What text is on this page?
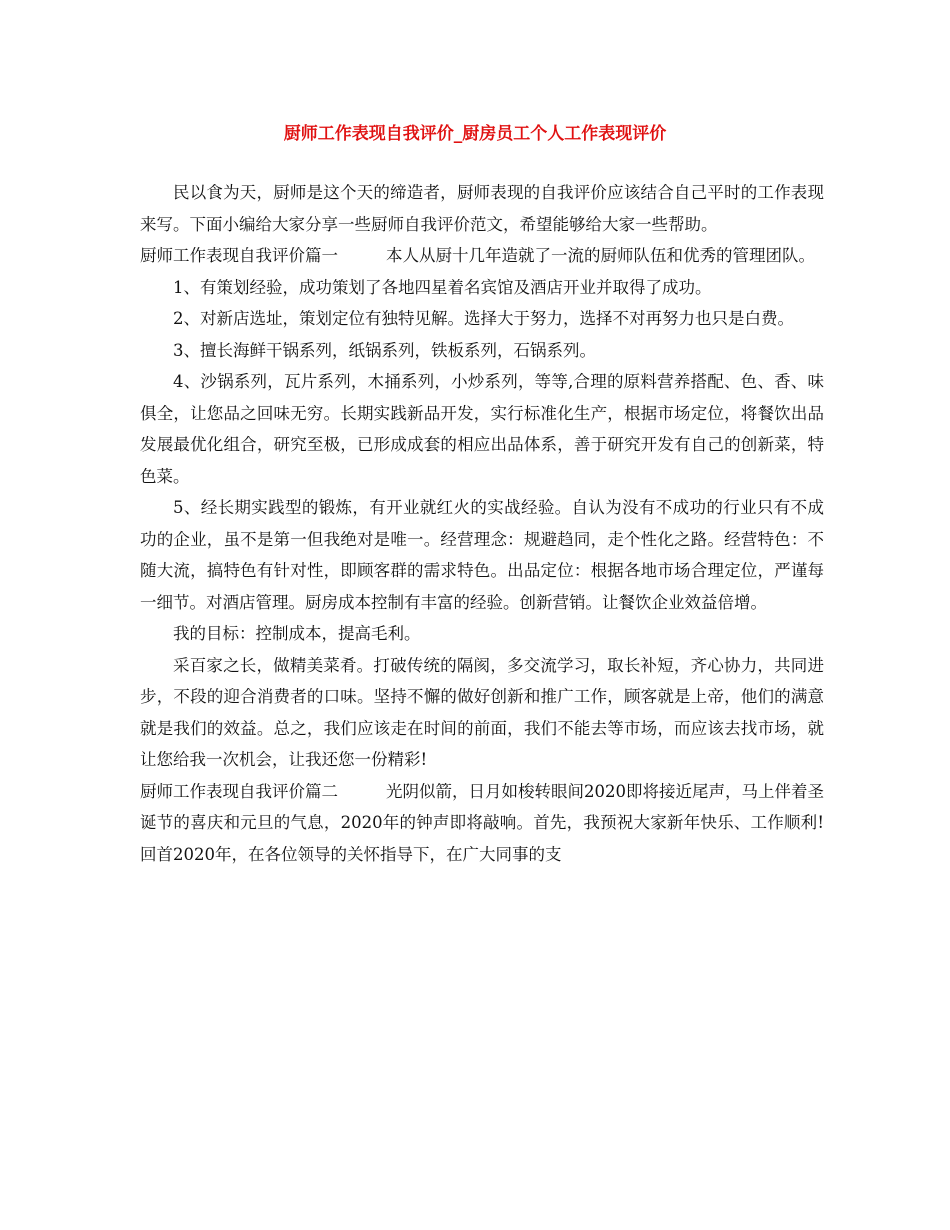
厨师工作表现自我评价_厨房员工个人工作表现评价

民以食为天，厨师是这个天的缔造者，厨师表现的自我评价应该结合自己平时的工作表现来写。下面小编给大家分享一些厨师自我评价范文，希望能够给大家一些帮助。

厨师工作表现自我评价篇一	本人从厨十几年造就了一流的厨师队伍和优秀的管理团队。

1、有策划经验，成功策划了各地四星着名宾馆及酒店开业并取得了成功。

2、对新店选址，策划定位有独特见解。选择大于努力，选择不对再努力也只是白费。

3、擅长海鲜干锅系列，纸锅系列，铁板系列，石锅系列。

4、沙锅系列，瓦片系列，木捅系列，小炒系列，等等,合理的原料营养搭配、色、香、味俱全，让您品之回味无穷。长期实践新品开发，实行标准化生产，根据市场定位，将餐饮出品发展最优化组合，研究至极，已形成成套的相应出品体系，善于研究开发有自己的创新菜，特色菜。

5、经长期实践型的锻炼，有开业就红火的实战经验。自认为没有不成功的行业只有不成功的企业，虽不是第一但我绝对是唯一。经营理念：规避趋同，走个性化之路。经营特色：不随大流，搞特色有针对性，即顾客群的需求特色。出品定位：根据各地市场合理定位，严谨每一细节。对酒店管理。厨房成本控制有丰富的经验。创新营销。让餐饮企业效益倍增。

我的目标：控制成本，提高毛利。

采百家之长，做精美菜肴。打破传统的隔阂，多交流学习，取长补短，齐心协力，共同进步，不段的迎合消费者的口味。坚持不懈的做好创新和推广工作，顾客就是上帝，他们的满意就是我们的效益。总之，我们应该走在时间的前面，我们不能去等市场，而应该去找市场，就让您给我一次机会，让我还您一份精彩!

厨师工作表现自我评价篇二	光阴似箭，日月如梭转眼间2020即将接近尾声，马上伴着圣诞节的喜庆和元旦的气息，2020年的钟声即将敲响。首先，我预祝大家新年快乐、工作顺利!回首2020年，在各位领导的关怀指导下，在广大同事的支
